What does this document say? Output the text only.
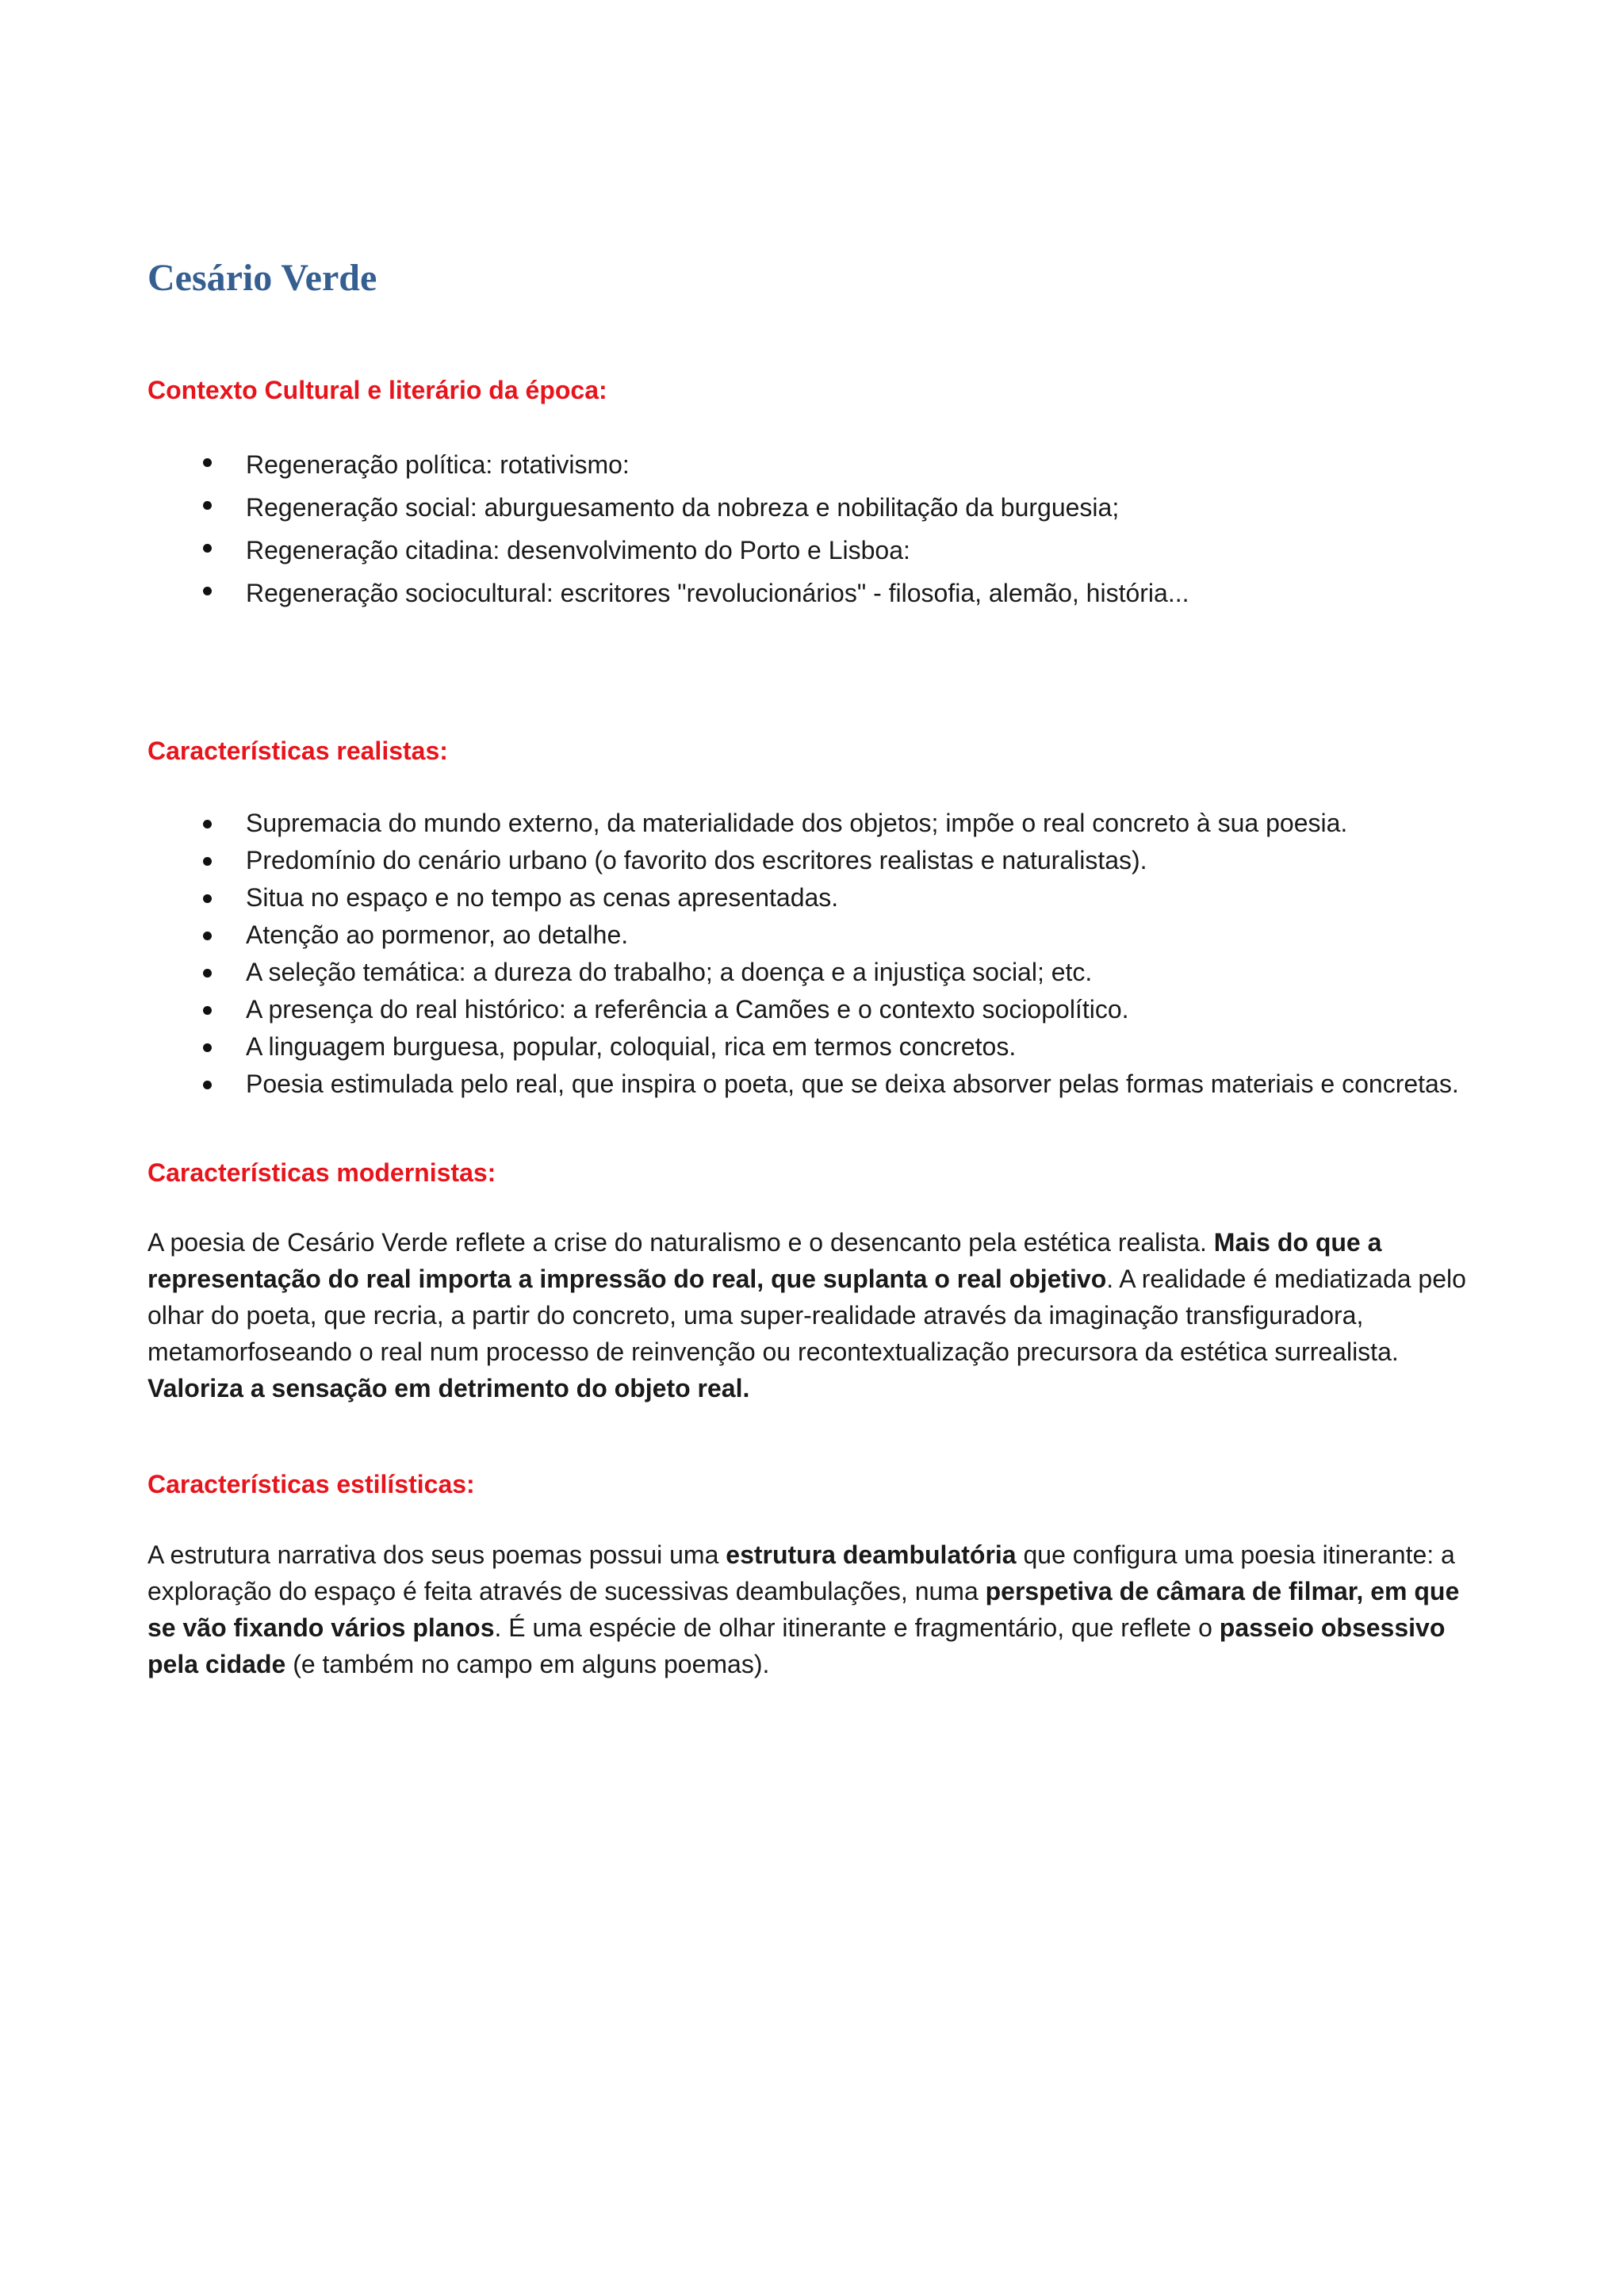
Cesário Verde
Contexto Cultural e literário da época:
Regeneração política: rotativismo:
Regeneração social: aburguesamento da nobreza e nobilitação da burguesia;
Regeneração citadina: desenvolvimento do Porto e Lisboa:
Regeneração sociocultural: escritores "revolucionários" - filosofia, alemão, história...
Características realistas:
Supremacia do mundo externo, da materialidade dos objetos; impõe o real concreto à sua poesia.
Predomínio do cenário urbano (o favorito dos escritores realistas e naturalistas).
Situa no espaço e no tempo as cenas apresentadas.
Atenção ao pormenor, ao detalhe.
A seleção temática: a dureza do trabalho; a doença e a injustiça social; etc.
A presença do real histórico: a referência a Camões e o contexto sociopolítico.
A linguagem burguesa, popular, coloquial, rica em termos concretos.
Poesia estimulada pelo real, que inspira o poeta, que se deixa absorver pelas formas materiais e concretas.
Características modernistas:

A poesia de Cesário Verde reflete a crise do naturalismo e o desencanto pela estética realista. Mais do que a representação do real importa a impressão do real, que suplanta o real objetivo. A realidade é mediatizada pelo olhar do poeta, que recria, a partir do concreto, uma super-realidade através da imaginação transfiguradora, metamorfoseando o real num processo de reinvenção ou recontextualização precursora da estética surrealista. Valoriza a sensação em detrimento do objeto real.

Características estilísticas:

A estrutura narrativa dos seus poemas possui uma estrutura deambulatória que configura uma poesia itinerante: a exploração do espaço é feita através de sucessivas deambulações, numa perspetiva de câmara de filmar, em que se vão fixando vários planos. É uma espécie de olhar itinerante e fragmentário, que reflete o passeio obsessivo pela cidade (e também no campo em alguns poemas).
